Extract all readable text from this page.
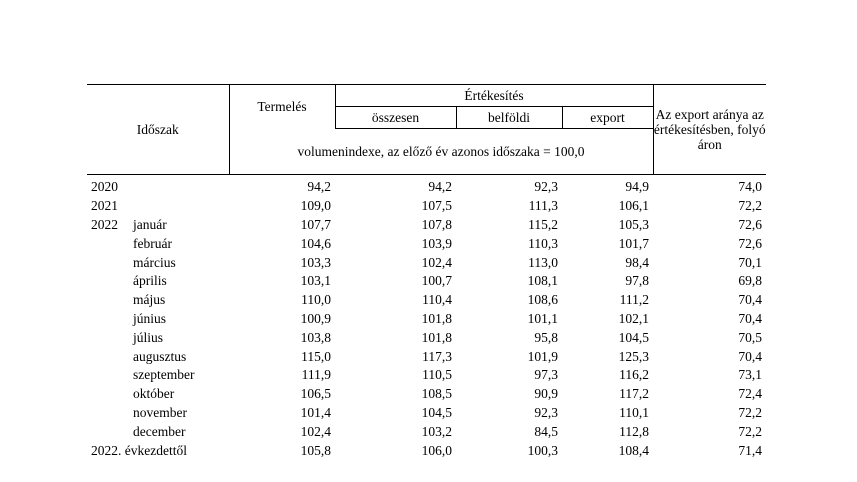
Időszak	Termelés	Értékesítés			Az export aránya az értékesítésben, folyó áron
		összesen	belföldi	export	
	volumenindexe, az előző év azonos időszaka = 100,0				
2020	94,2	94,2	92,3	94,9	74,0
2021	109,0	107,5	111,3	106,1	72,2
2022 január	107,7	107,8	115,2	105,3	72,6
február	104,6	103,9	110,3	101,7	72,6
március	103,3	102,4	113,0	98,4	70,1
április	103,1	100,7	108,1	97,8	69,8
május	110,0	110,4	108,6	111,2	70,4
június	100,9	101,8	101,1	102,1	70,4
július	103,8	101,8	95,8	104,5	70,5
augusztus	115,0	117,3	101,9	125,3	70,4
szeptember	111,9	110,5	97,3	116,2	73,1
október	106,5	108,5	90,9	117,2	72,4
november	101,4	104,5	92,3	110,1	72,2
december	102,4	103,2	84,5	112,8	72,2
2022. évkezdettől	105,8	106,0	100,3	108,4	71,4
